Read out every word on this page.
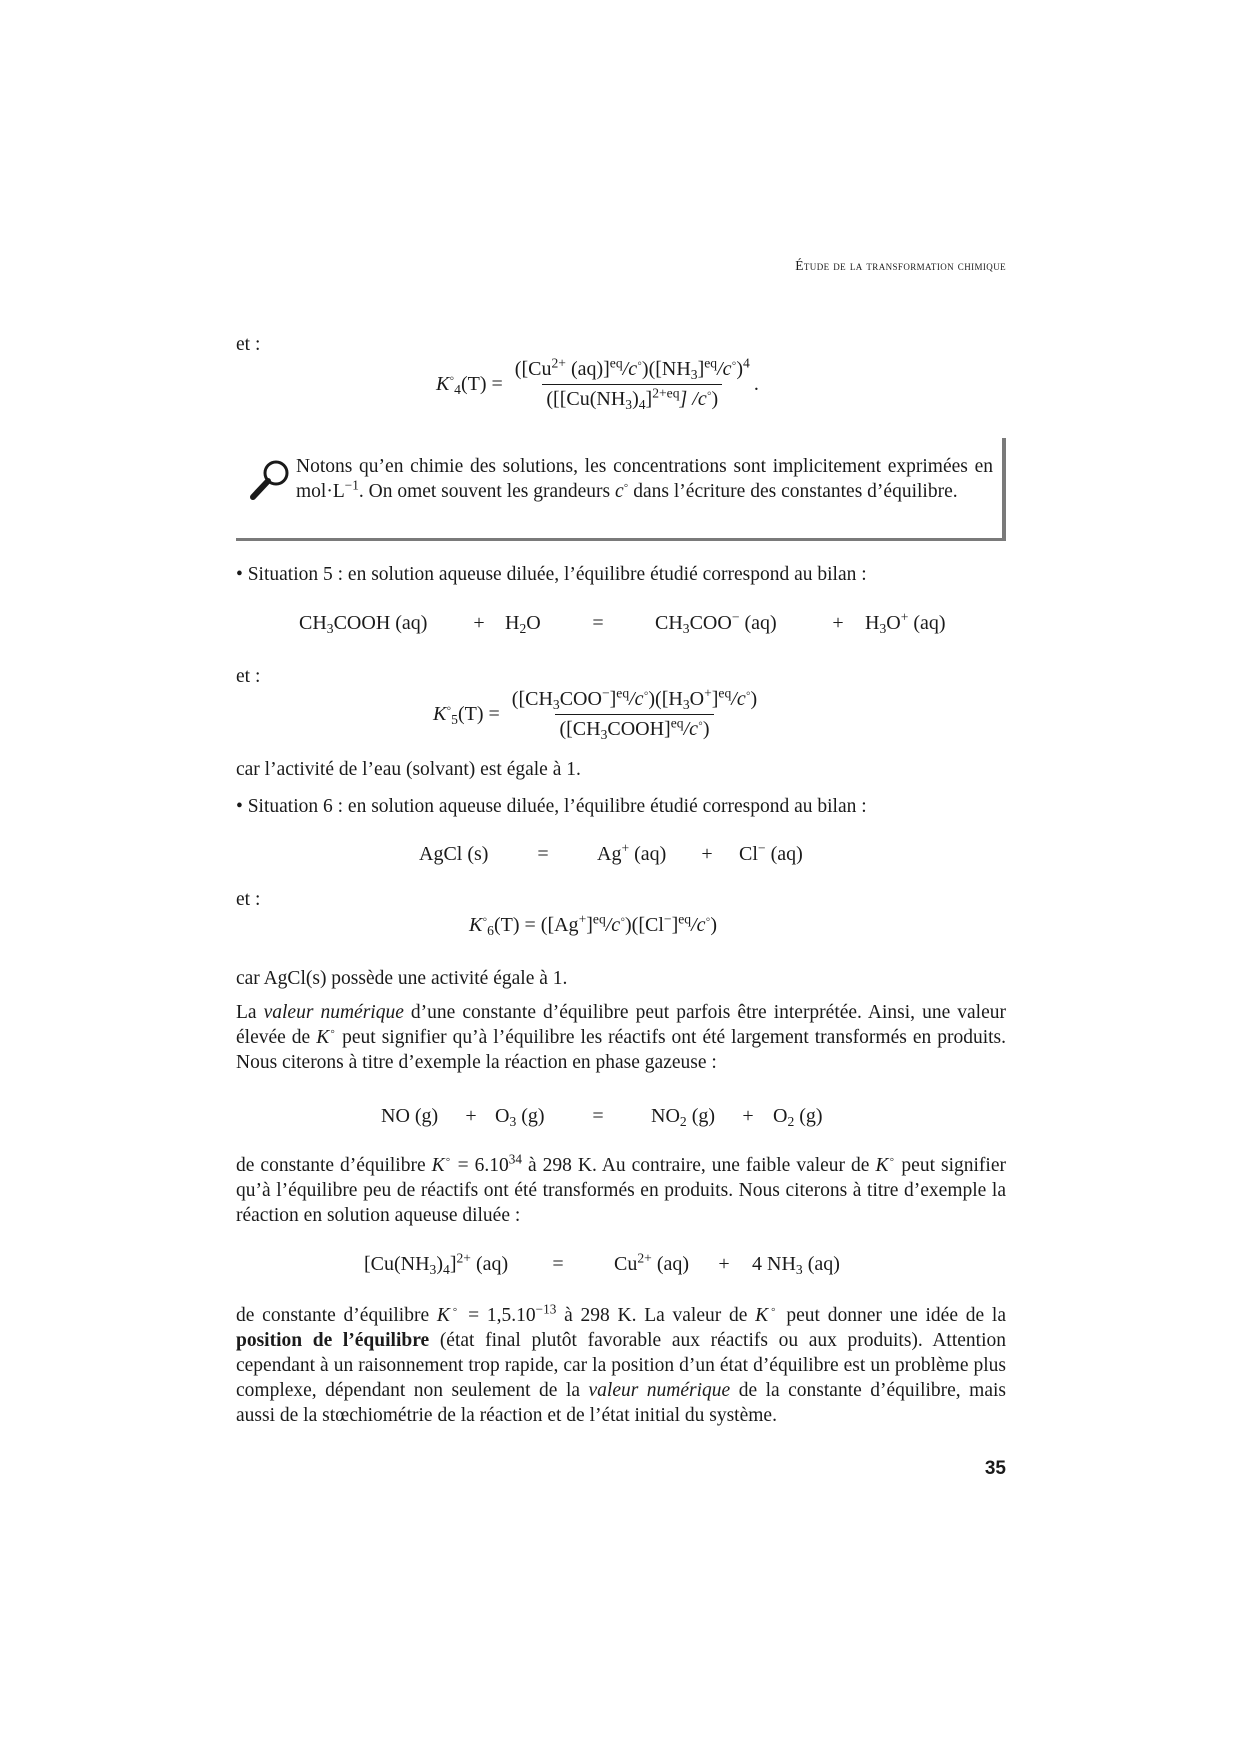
Étude de la transformation chimique
et :
$K^◦_4(T) = \frac{([Cu^{2+} (aq)]^{eq}/c^◦)([NH_3]^{eq}/c^◦)^4}{([[Cu(NH_3)_4]^{2+eq}] /c^◦)}$ .
Notons qu’en chimie des solutions, les concentrations sont implicitement exprimées en $mol\cdot L^{-1}$. On omet souvent les grandeurs c◦ dans l’écriture des constantes d’équilibre.
• Situation 5 : en solution aqueuse diluée, l’équilibre étudié correspond au bilan :
$CH_3COOH$ (aq)	+	$H_2O$	=	$CH_3COO^-$ (aq)	+	$H_3O^+$ (aq)
et :
$K^◦_5(T) = \frac{([CH_3COO^-]^{eq}/c^◦)([H_3O^+]^{eq}/c^◦)}{([CH_3COOH]^{eq}/c^◦)}$
car l’activité de l’eau (solvant) est égale à 1.
• Situation 6 : en solution aqueuse diluée, l’équilibre étudié correspond au bilan :
AgCl (s)	=	Ag+ (aq)	+	Cl− (aq)
et :
$K^◦_6(T) = ([Ag^+]^{eq}/c^◦)([Cl^-]^{eq}/c^◦)$
car AgCl(s) possède une activité égale à 1.
La valeur numérique d’une constante d’équilibre peut parfois être interprétée. Ainsi, une valeur élevée de K◦ peut signifier qu’à l’équilibre les réactifs ont été largement transformés en produits. Nous citerons à titre d’exemple la réaction en phase gazeuse :
NO (g)	+ $O_3$ (g)	=	$NO_2$ (g)	+ $O_2$ (g)
de constante d’équilibre $K^◦ = 6.10^{34}$ à 298 K. Au contraire, une faible valeur de K◦ peut signifier qu’à l’équilibre peu de réactifs ont été transformés en produits. Nous citerons à titre d’exemple la réaction en solution aqueuse diluée :
$[Cu(NH_3)_4]^{2+}$ (aq)	=	$Cu^{2+}$ (aq)	+	4 $NH_3$ (aq)
de constante d’équilibre $K^◦ = 1,5.10^{-13}$ à 298 K. La valeur de K◦ peut donner une idée de la position de l’équilibre (état final plutôt favorable aux réactifs ou aux produits). Attention cependant à un raisonnement trop rapide, car la position d’un état d’équilibre est un problème plus complexe, dépendant non seulement de la valeur numérique de la constante d’équilibre, mais aussi de la stœchiométrie de la réaction et de l’état initial du système.
35
